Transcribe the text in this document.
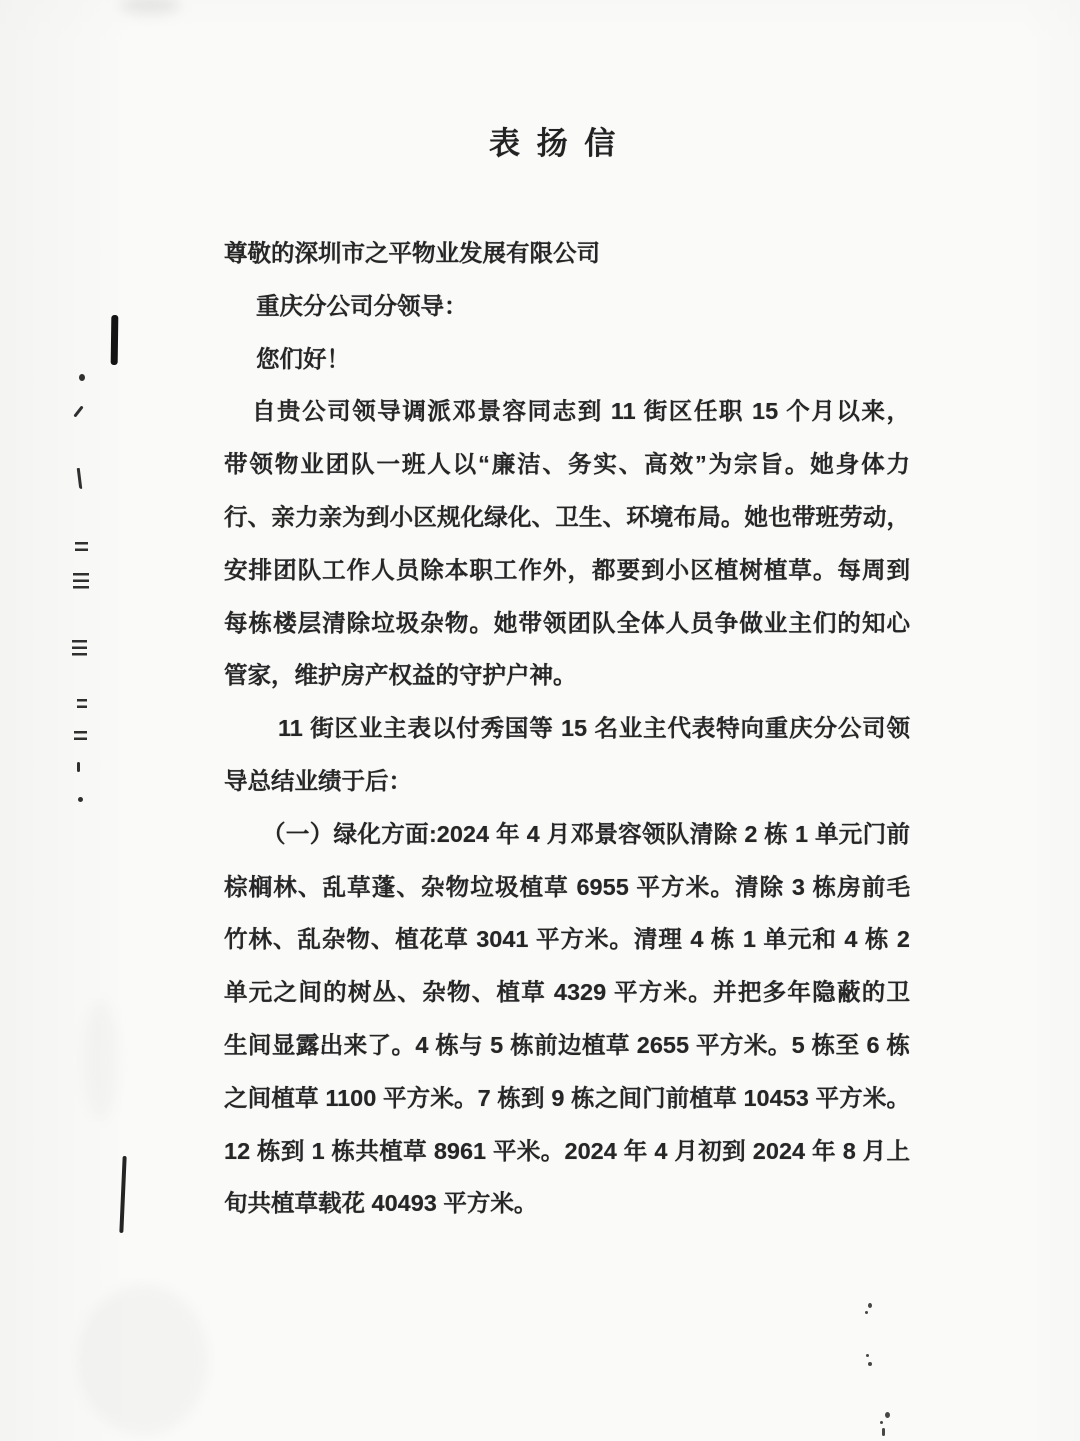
表 扬 信
尊敬的深圳市之平物业发展有限公司
重庆分公司分领导：
您们好！
自贵公司领导调派邓景容同志到 11 街区任职 15 个月以来，
带领物业团队一班人以“廉洁、务实、高效”为宗旨。她身体力
行、亲力亲为到小区规化绿化、卫生、环境布局。她也带班劳动，
安排团队工作人员除本职工作外，都要到小区植树植草。每周到
每栋楼层清除垃圾杂物。她带领团队全体人员争做业主们的知心
管家，维护房产权益的守护户神。
11 街区业主表以付秀国等 15 名业主代表特向重庆分公司领
导总结业绩于后：
（一）绿化方面:2024 年 4 月邓景容领队清除 2 栋 1 单元门前
棕榈林、乱草蓬、杂物垃圾植草 6955 平方米。清除 3 栋房前毛
竹林、乱杂物、植花草 3041 平方米。清理 4 栋 1 单元和 4 栋 2
单元之间的树丛、杂物、植草 4329 平方米。并把多年隐蔽的卫
生间显露出来了。4 栋与 5 栋前边植草 2655 平方米。5 栋至 6 栋
之间植草 1100 平方米。7 栋到 9 栋之间门前植草 10453 平方米。
12 栋到 1 栋共植草 8961 平米。2024 年 4 月初到 2024 年 8 月上
旬共植草载花 40493 平方米。
